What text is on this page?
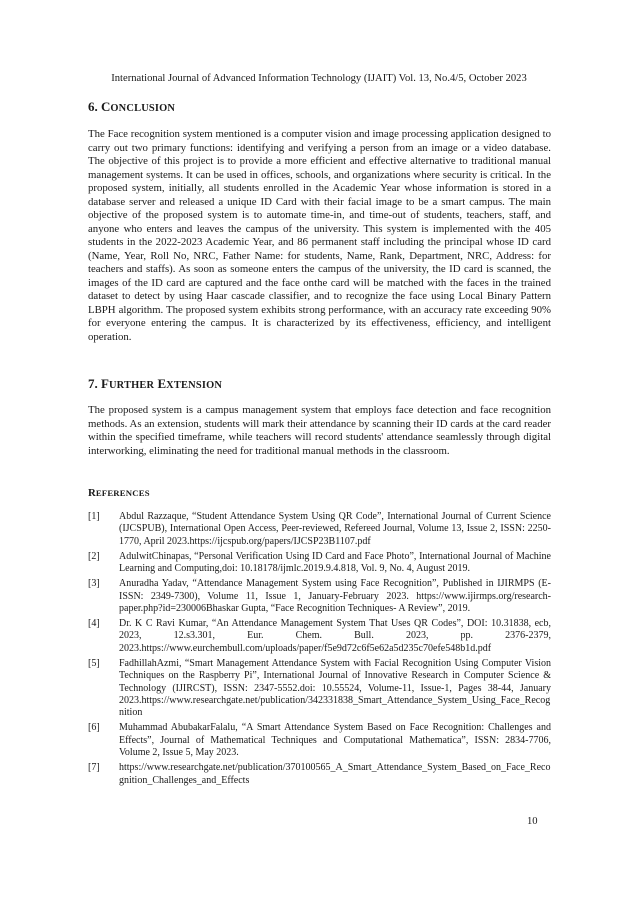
International Journal of Advanced Information Technology (IJAIT) Vol. 13, No.4/5, October 2023
6. CONCLUSION

The Face recognition system mentioned is a computer vision and image processing application designed to carry out two primary functions: identifying and verifying a person from an image or a video database. The objective of this project is to provide a more efficient and effective alternative to traditional manual management systems. It can be used in offices, schools, and organizations where security is critical. In the proposed system, initially, all students enrolled in the Academic Year whose information is stored in a database server and released a unique ID Card with their facial image to be a smart campus. The main objective of the proposed system is to automate time-in, and time-out of students, teachers, staff, and anyone who enters and leaves the campus of the university. This system is implemented with the 405 students in the 2022-2023 Academic Year, and 86 permanent staff including the principal whose ID card (Name, Year, Roll No, NRC, Father Name: for students, Name, Rank, Department, NRC, Address: for teachers and staffs). As soon as someone enters the campus of the university, the ID card is scanned, the images of the ID card are captured and the face onthe card will be matched with the faces in the trained dataset to detect by using Haar cascade classifier, and to recognize the face using Local Binary Pattern LBPH algorithm. The proposed system exhibits strong performance, with an accuracy rate exceeding 90% for everyone entering the campus. It is characterized by its effectiveness, efficiency, and intelligent operation.

7. FURTHER EXTENSION

The proposed system is a campus management system that employs face detection and face recognition methods. As an extension, students will mark their attendance by scanning their ID cards at the card reader within the specified timeframe, while teachers will record students' attendance seamlessly through digital interworking, eliminating the need for traditional manual methods in the classroom.

REFERENCES
[1]	Abdul Razzaque, “Student Attendance System Using QR Code”, International Journal of Current Science (IJCSPUB), International Open Access, Peer-reviewed, Refereed Journal, Volume 13, Issue 2, ISSN: 2250-1770, April 2023.https://ijcspub.org/papers/IJCSP23B1107.pdf
[2]	AdulwitChinapas, “Personal Verification Using ID Card and Face Photo”, International Journal of Machine Learning and Computing,doi: 10.18178/ijmlc.2019.9.4.818, Vol. 9, No. 4, August 2019.
[3]	Anuradha Yadav, “Attendance Management System using Face Recognition”, Published in IJIRMPS (E-ISSN: 2349-7300), Volume 11, Issue 1, January-February 2023. https://www.ijirmps.org/research-paper.php?id=230006Bhaskar Gupta, “Face Recognition Techniques- A Review”, 2019.
[4]	Dr. K C Ravi Kumar, “An Attendance Management System That Uses QR Codes”, DOI: 10.31838, ecb, 2023, 12.s3.301, Eur. Chem. Bull. 2023, pp. 2376-2379, 2023.https://www.eurchembull.com/uploads/paper/f5e9d72c6f5e62a5d235c70efe548b1d.pdf
[5]	FadhillahAzmi, “Smart Management Attendance System with Facial Recognition Using Computer Vision Techniques on the Raspberry Pi”, International Journal of Innovative Research in Computer Science & Technology (IJIRCST), ISSN: 2347-5552.doi: 10.55524, Volume-11, Issue-1, Pages 38-44, January 2023.https://www.researchgate.net/publication/342331838_Smart_Attendance_System_Using_Face_Recognition
[6]	Muhammad AbubakarFalalu, “A Smart Attendance System Based on Face Recognition: Challenges and Effects”, Journal of Mathematical Techniques and Computational Mathematica”, ISSN: 2834-7706, Volume 2, Issue 5, May 2023.
[7]	https://www.researchgate.net/publication/370100565_A_Smart_Attendance_System_Based_on_Face_Recognition_Challenges_and_Effects
10
